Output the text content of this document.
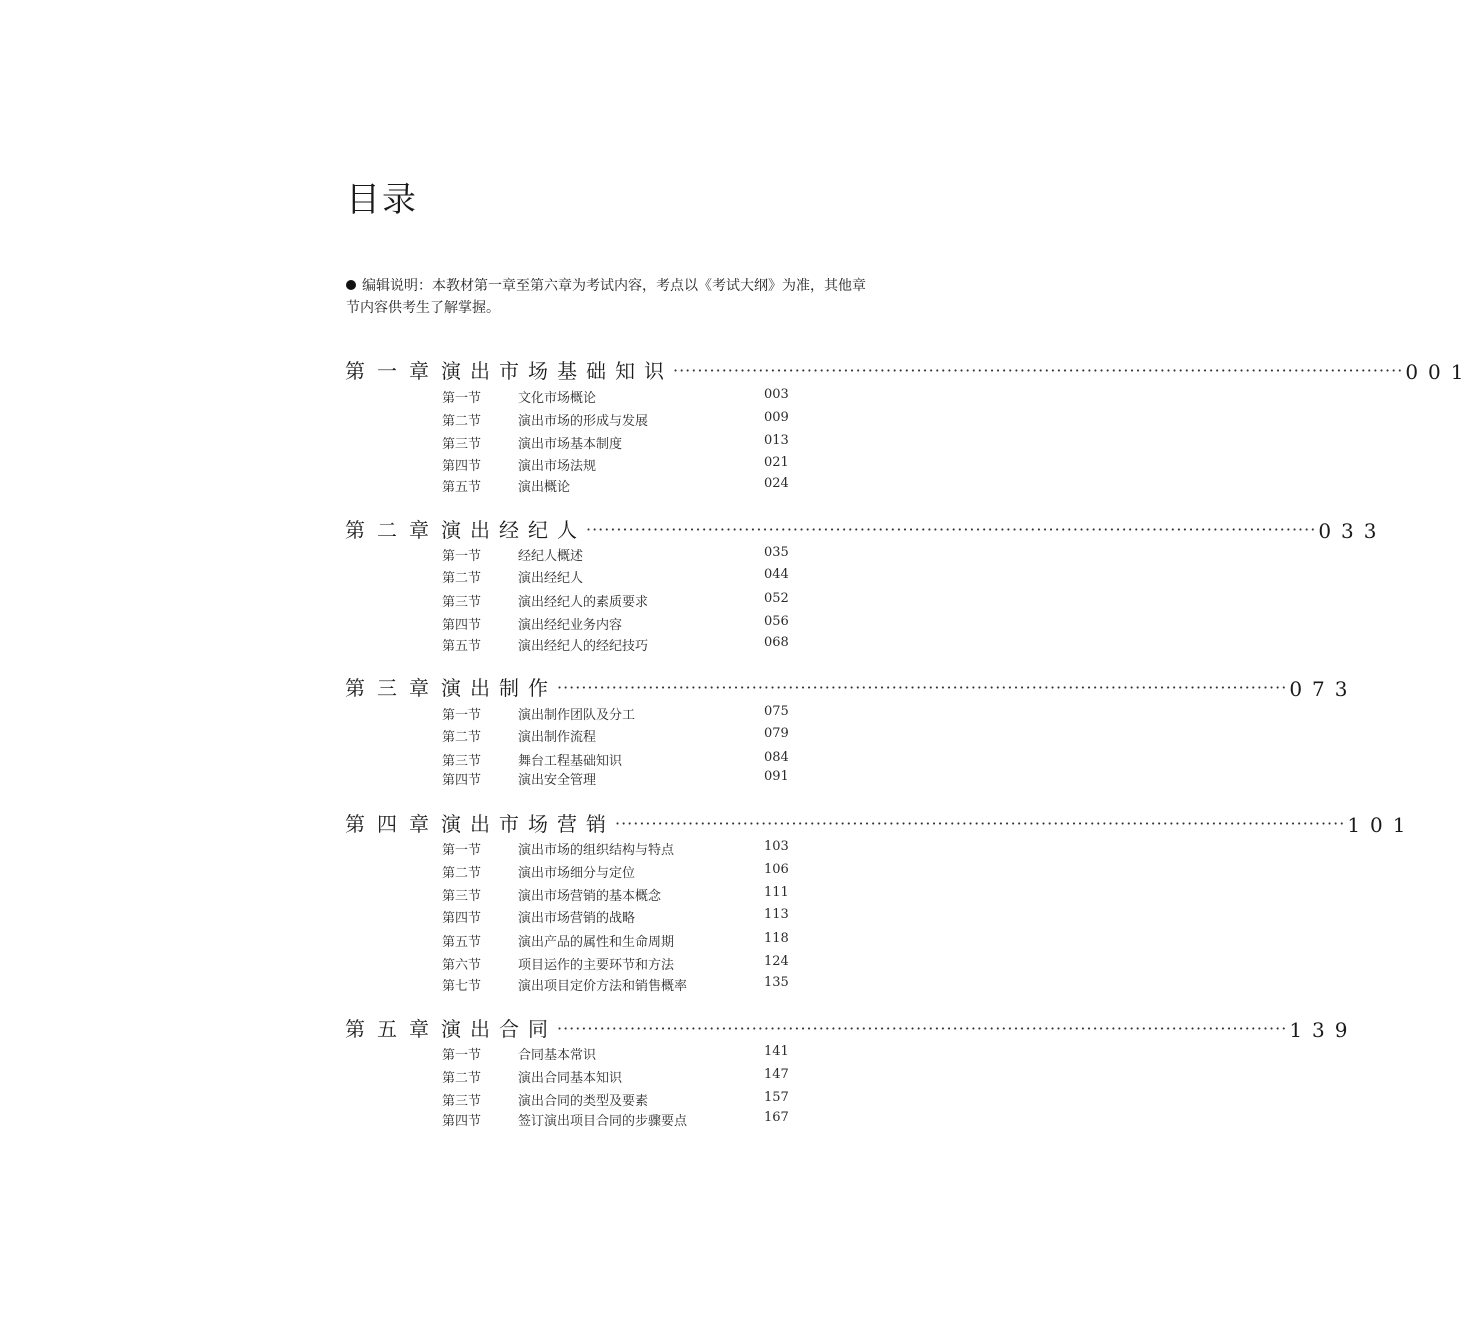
目录
编辑说明：本教材第一章至第六章为考试内容，考点以《考试大纲》为准，其他章节内容供考生了解掌握。
第一章 演出市场基础知识 ························································································································ 001
第一节	文化市场概论	003
第二节	演出市场的形成与发展	009
第三节	演出市场基本制度	013
第四节	演出市场法规	021
第五节	演出概论	024
第二章 演出经纪人 ························································································································ 033
第一节	经纪人概述	035
第二节	演出经纪人	044
第三节	演出经纪人的素质要求	052
第四节	演出经纪业务内容	056
第五节	演出经纪人的经纪技巧	068
第三章 演出制作 ························································································································ 073
第一节	演出制作团队及分工	075
第二节	演出制作流程	079
第三节	舞台工程基础知识	084
第四节	演出安全管理	091
第四章 演出市场营销 ························································································································ 101
第一节	演出市场的组织结构与特点	103
第二节	演出市场细分与定位	106
第三节	演出市场营销的基本概念	111
第四节	演出市场营销的战略	113
第五节	演出产品的属性和生命周期	118
第六节	项目运作的主要环节和方法	124
第七节	演出项目定价方法和销售概率	135
第五章 演出合同 ························································································································ 139
第一节	合同基本常识	141
第二节	演出合同基本知识	147
第三节	演出合同的类型及要素	157
第四节	签订演出项目合同的步骤要点	167
